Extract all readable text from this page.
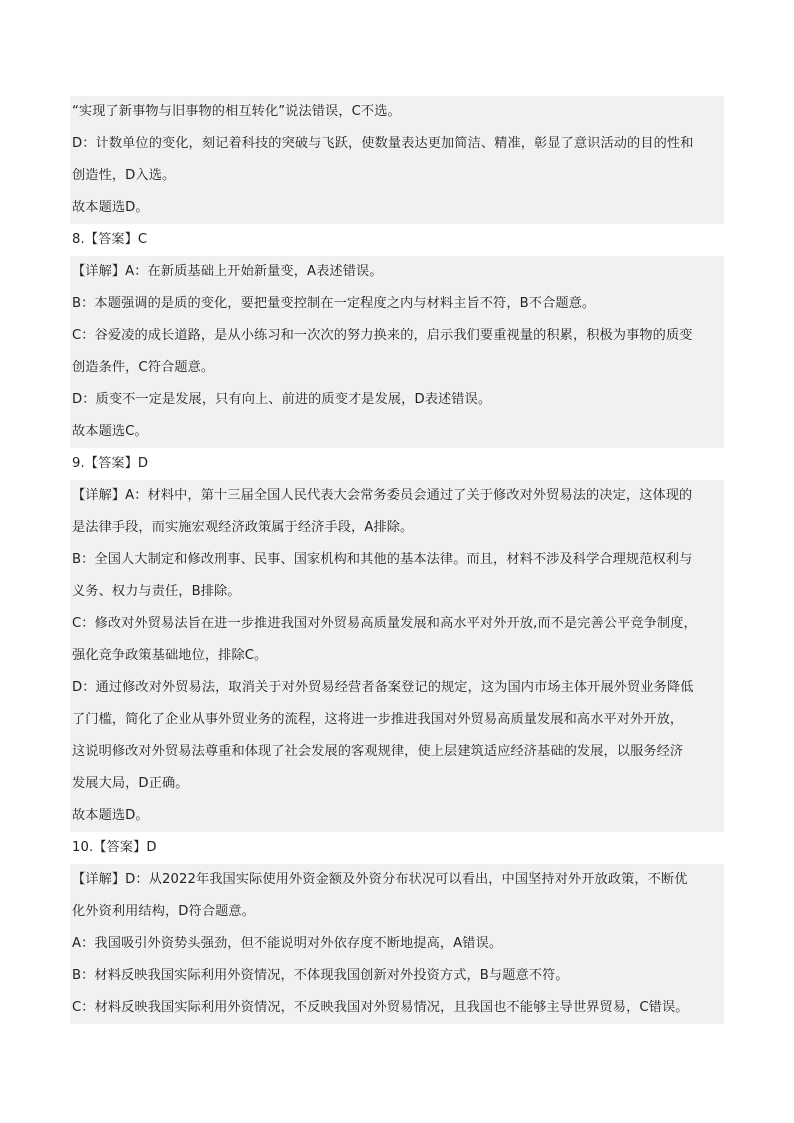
“实现了新事物与旧事物的相互转化”说法错误，C不选。
D：计数单位的变化，刻记着科技的突破与飞跃，使数量表达更加简洁、精准，彰显了意识活动的目的性和
创造性，D入选。
故本题选D。
8.【答案】C
【详解】A：在新质基础上开始新量变，A表述错误。
B：本题强调的是质的变化，要把量变控制在一定程度之内与材料主旨不符，B不合题意。
C：谷爱凌的成长道路，是从小练习和一次次的努力换来的，启示我们要重视量的积累，积极为事物的质变
创造条件，C符合题意。
D：质变不一定是发展，只有向上、前进的质变才是发展，D表述错误。
故本题选C。
9.【答案】D
【详解】A：材料中，第十三届全国人民代表大会常务委员会通过了关于修改对外贸易法的决定，这体现的
是法律手段，而实施宏观经济政策属于经济手段，A排除。
B：全国人大制定和修改刑事、民事、国家机构和其他的基本法律。而且，材料不涉及科学合理规范权利与
义务、权力与责任，B排除。
C：修改对外贸易法旨在进一步推进我国对外贸易高质量发展和高水平对外开放,而不是完善公平竞争制度，
强化竞争政策基础地位，排除C。
D：通过修改对外贸易法，取消关于对外贸易经营者备案登记的规定，这为国内市场主体开展外贸业务降低
了门槛，简化了企业从事外贸业务的流程，这将进一步推进我国对外贸易高质量发展和高水平对外开放，
这说明修改对外贸易法尊重和体现了社会发展的客观规律，使上层建筑适应经济基础的发展，以服务经济
发展大局，D正确。
故本题选D。
10.【答案】D
【详解】D：从2022年我国实际使用外资金额及外资分布状况可以看出，中国坚持对外开放政策，不断优
化外资利用结构，D符合题意。
A：我国吸引外资势头强劲，但不能说明对外依存度不断地提高，A错误。
B：材料反映我国实际利用外资情况，不体现我国创新对外投资方式，B与题意不符。
C：材料反映我国实际利用外资情况，不反映我国对外贸易情况，且我国也不能够主导世界贸易，C错误。
